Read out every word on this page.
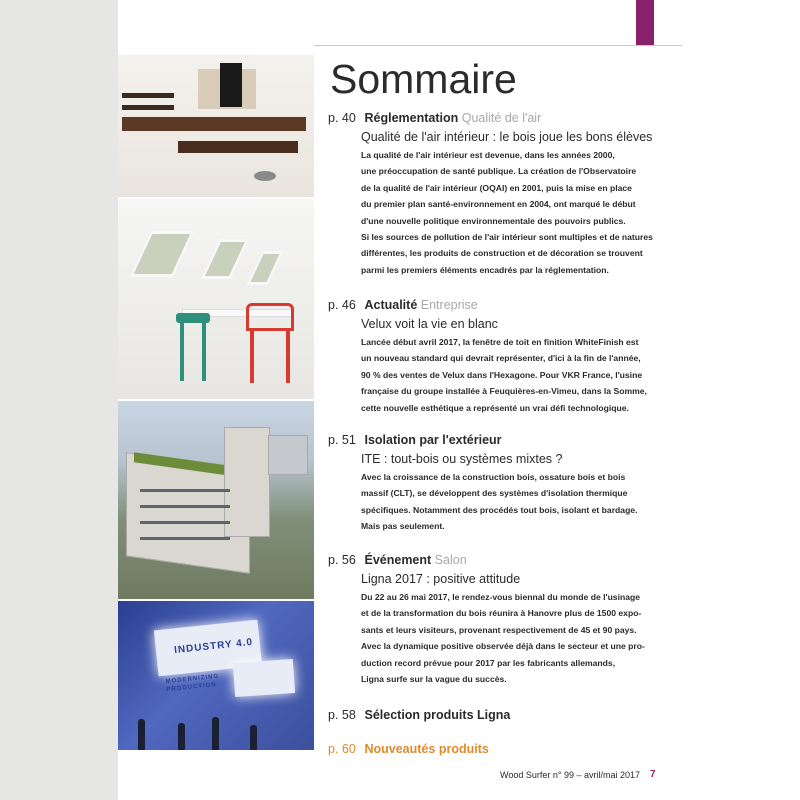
INDUSTRY 4.0
MODERNIZING PRODUCTION
Sommaire
p. 40 Réglementation Qualité de l'air
Qualité de l'air intérieur : le bois joue les bons élèves
La qualité de l'air intérieur est devenue, dans les années 2000,
une préoccupation de santé publique. La création de l'Observatoire
de la qualité de l'air intérieur (OQAI) en 2001, puis la mise en place
du premier plan santé-environnement en 2004, ont marqué le début
d'une nouvelle politique environnementale des pouvoirs publics.
Si les sources de pollution de l'air intérieur sont multiples et de natures
différentes, les produits de construction et de décoration se trouvent
parmi les premiers éléments encadrés par la réglementation.
p. 46 Actualité Entreprise
Velux voit la vie en blanc
Lancée début avril 2017, la fenêtre de toit en finition WhiteFinish est
un nouveau standard qui devrait représenter, d'ici à la fin de l'année,
90 % des ventes de Velux dans l'Hexagone. Pour VKR France, l'usine
française du groupe installée à Feuquières-en-Vimeu, dans la Somme,
cette nouvelle esthétique a représenté un vrai défi technologique.
p. 51 Isolation par l'extérieur
ITE : tout-bois ou systèmes mixtes ?
Avec la croissance de la construction bois, ossature bois et bois
massif (CLT), se développent des systèmes d'isolation thermique
spécifiques. Notamment des procédés tout bois, isolant et bardage.
Mais pas seulement.
p. 56 Événement Salon
Ligna 2017 : positive attitude
Du 22 au 26 mai 2017, le rendez-vous biennal du monde de l'usinage
et de la transformation du bois réunira à Hanovre plus de 1500 expo-
sants et leurs visiteurs, provenant respectivement de 45 et 90 pays.
Avec la dynamique positive observée déjà dans le secteur et une pro-
duction record prévue pour 2017 par les fabricants allemands,
Ligna surfe sur la vague du succès.
p. 58 Sélection produits Ligna
p. 60 Nouveautés produits
Wood Surfer n° 99 – avril/mai 2017 7
